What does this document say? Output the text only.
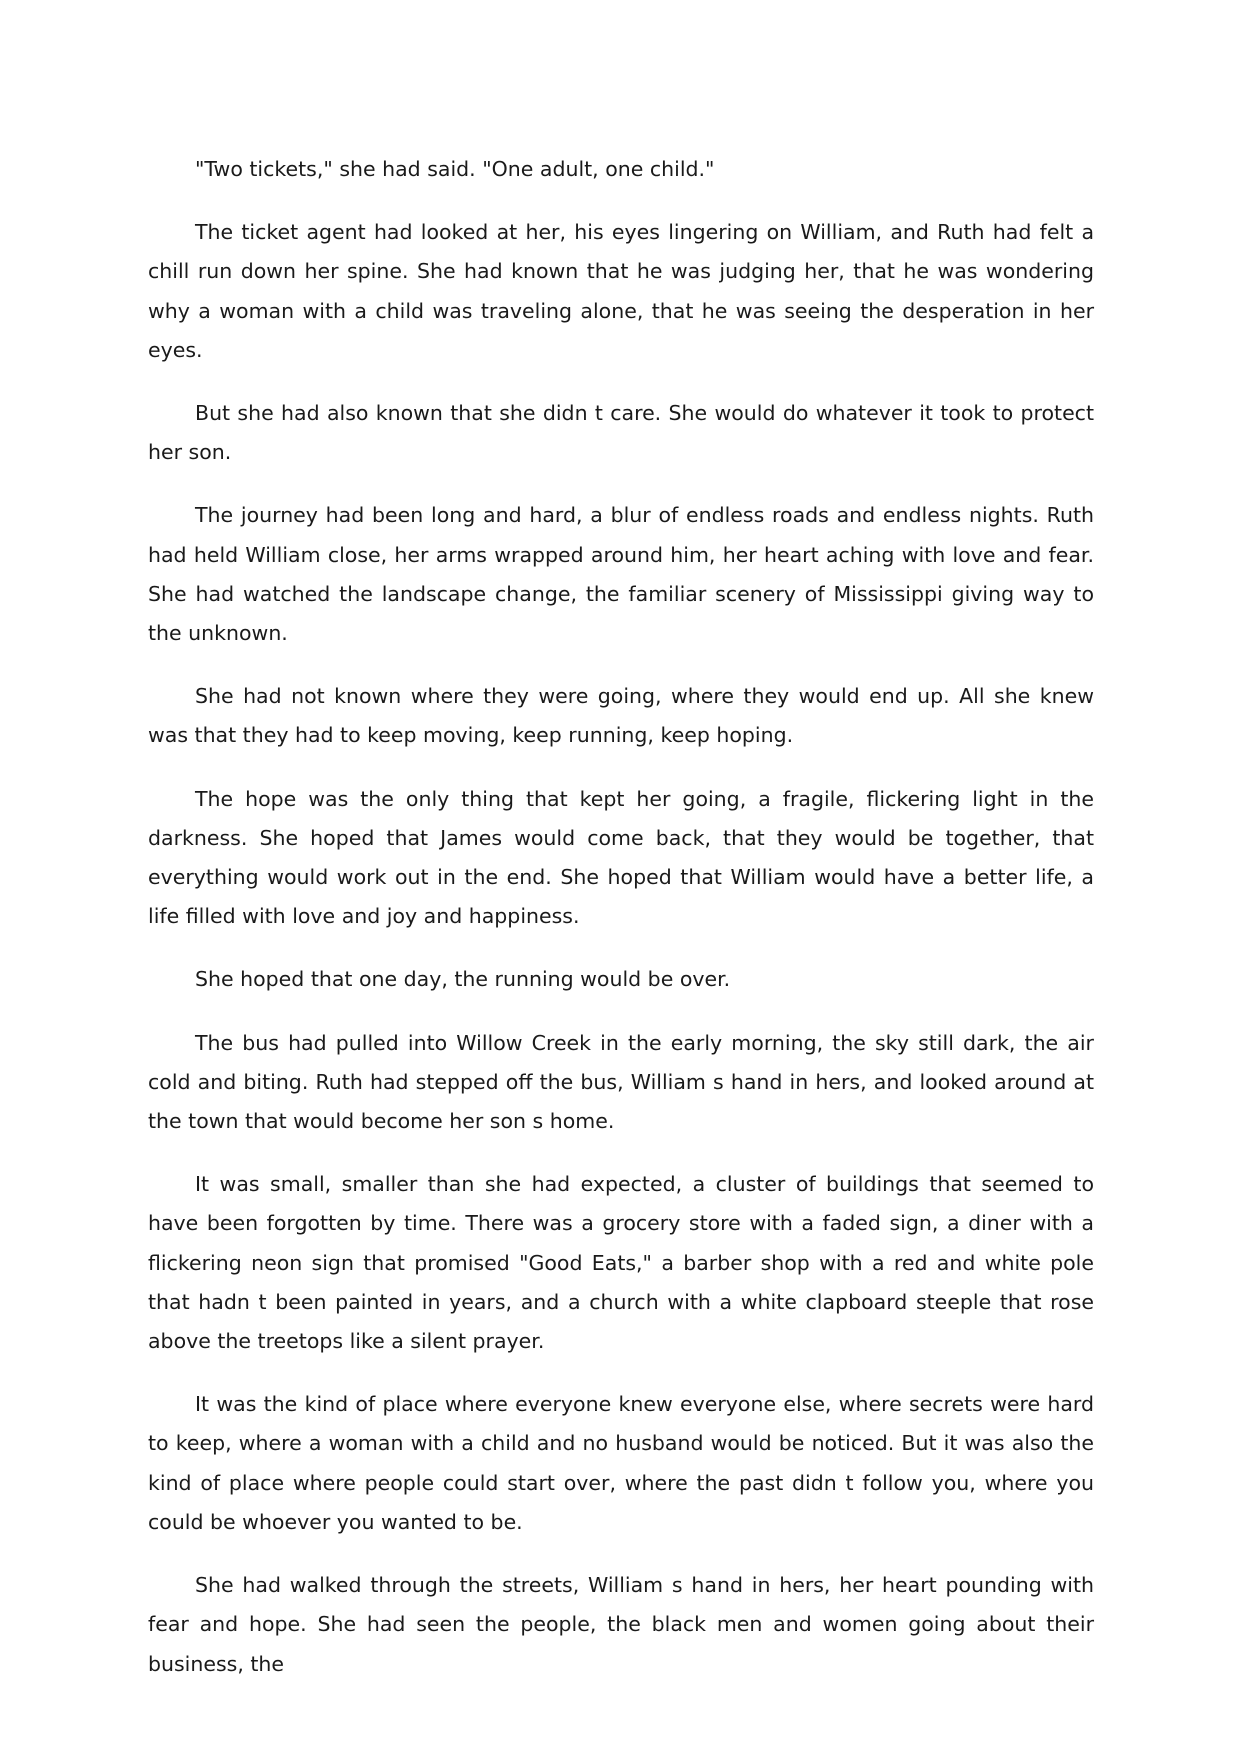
"Two tickets," she had said. "One adult, one child."

The ticket agent had looked at her, his eyes lingering on William, and Ruth had felt a chill run down her spine. She had known that he was judging her, that he was wondering why a woman with a child was traveling alone, that he was seeing the desperation in her eyes.

But she had also known that she didn t care. She would do whatever it took to protect her son.

The journey had been long and hard, a blur of endless roads and endless nights. Ruth had held William close, her arms wrapped around him, her heart aching with love and fear. She had watched the landscape change, the familiar scenery of Mississippi giving way to the unknown.

She had not known where they were going, where they would end up. All she knew was that they had to keep moving, keep running, keep hoping.

The hope was the only thing that kept her going, a fragile, flickering light in the darkness. She hoped that James would come back, that they would be together, that everything would work out in the end. She hoped that William would have a better life, a life filled with love and joy and happiness.

She hoped that one day, the running would be over.

The bus had pulled into Willow Creek in the early morning, the sky still dark, the air cold and biting. Ruth had stepped off the bus, William s hand in hers, and looked around at the town that would become her son s home.

It was small, smaller than she had expected, a cluster of buildings that seemed to have been forgotten by time. There was a grocery store with a faded sign, a diner with a flickering neon sign that promised "Good Eats," a barber shop with a red and white pole that hadn t been painted in years, and a church with a white clapboard steeple that rose above the treetops like a silent prayer.

It was the kind of place where everyone knew everyone else, where secrets were hard to keep, where a woman with a child and no husband would be noticed. But it was also the kind of place where people could start over, where the past didn t follow you, where you could be whoever you wanted to be.

She had walked through the streets, William s hand in hers, her heart pounding with fear and hope. She had seen the people, the black men and women going about their business, the
